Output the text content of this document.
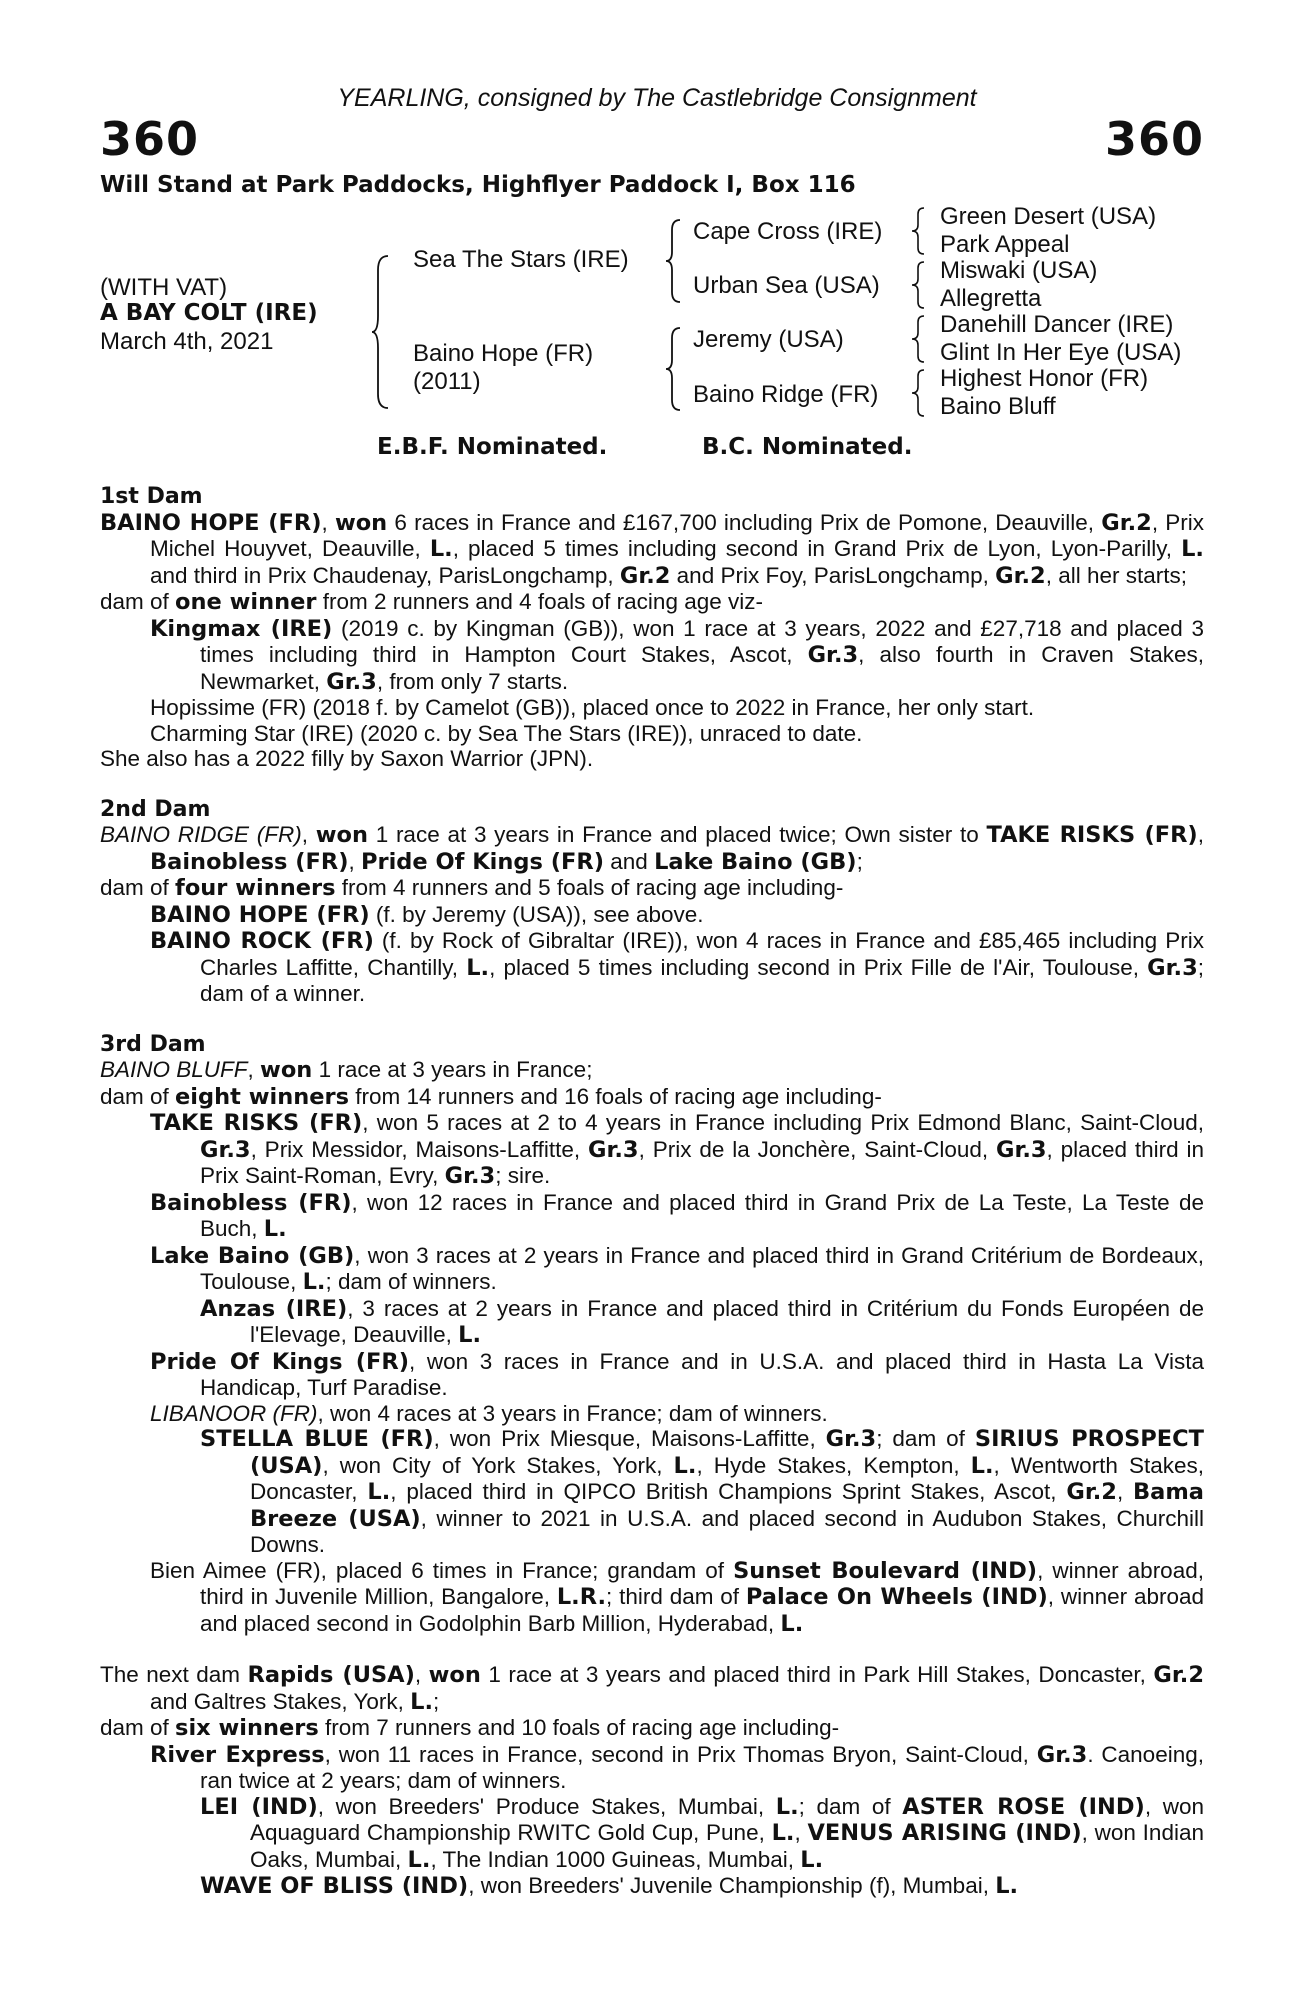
YEARLING, consigned by The Castlebridge Consignment
360	360
Will Stand at Park Paddocks, Highflyer Paddock I, Box 116
(WITH VAT)
A BAY COLT (IRE)
March 4th, 2021
Sea The Stars (IRE)
Baino Hope (FR)
(2011)
Cape Cross (IRE)
Urban Sea (USA)
Jeremy (USA)
Baino Ridge (FR)
Green Desert (USA)
Park Appeal
Miswaki (USA)
Allegretta
Danehill Dancer (IRE)
Glint In Her Eye (USA)
Highest Honor (FR)
Baino Bluff
E.B.F. Nominated.	B.C. Nominated.

1st Dam

BAINO HOPE (FR), won 6 races in France and £167,700 including Prix de Pomone, Deauville, Gr.2, Prix Michel Houyvet, Deauville, L., placed 5 times including second in Grand Prix de Lyon, Lyon-Parilly, L. and third in Prix Chaudenay, ParisLongchamp, Gr.2 and Prix Foy, ParisLongchamp, Gr.2, all her starts;

dam of one winner from 2 runners and 4 foals of racing age viz-

Kingmax (IRE) (2019 c. by Kingman (GB)), won 1 race at 3 years, 2022 and £27,718 and placed 3 times including third in Hampton Court Stakes, Ascot, Gr.3, also fourth in Craven Stakes, Newmarket, Gr.3, from only 7 starts.

Hopissime (FR) (2018 f. by Camelot (GB)), placed once to 2022 in France, her only start.

Charming Star (IRE) (2020 c. by Sea The Stars (IRE)), unraced to date.

She also has a 2022 filly by Saxon Warrior (JPN).

2nd Dam

BAINO RIDGE (FR), won 1 race at 3 years in France and placed twice; Own sister to TAKE RISKS (FR), Bainobless (FR), Pride Of Kings (FR) and Lake Baino (GB);

dam of four winners from 4 runners and 5 foals of racing age including-

BAINO HOPE (FR) (f. by Jeremy (USA)), see above.

BAINO ROCK (FR) (f. by Rock of Gibraltar (IRE)), won 4 races in France and £85,465 including Prix Charles Laffitte, Chantilly, L., placed 5 times including second in Prix Fille de l'Air, Toulouse, Gr.3; dam of a winner.

3rd Dam

BAINO BLUFF, won 1 race at 3 years in France;

dam of eight winners from 14 runners and 16 foals of racing age including-

TAKE RISKS (FR), won 5 races at 2 to 4 years in France including Prix Edmond Blanc, Saint-Cloud, Gr.3, Prix Messidor, Maisons-Laffitte, Gr.3, Prix de la Jonchère, Saint-Cloud, Gr.3, placed third in Prix Saint-Roman, Evry, Gr.3; sire.

Bainobless (FR), won 12 races in France and placed third in Grand Prix de La Teste, La Teste de Buch, L.

Lake Baino (GB), won 3 races at 2 years in France and placed third in Grand Critérium de Bordeaux, Toulouse, L.; dam of winners.

Anzas (IRE), 3 races at 2 years in France and placed third in Critérium du Fonds Européen de l'Elevage, Deauville, L.

Pride Of Kings (FR), won 3 races in France and in U.S.A. and placed third in Hasta La Vista Handicap, Turf Paradise.

LIBANOOR (FR), won 4 races at 3 years in France; dam of winners.

STELLA BLUE (FR), won Prix Miesque, Maisons-Laffitte, Gr.3; dam of SIRIUS PROSPECT (USA), won City of York Stakes, York, L., Hyde Stakes, Kempton, L., Wentworth Stakes, Doncaster, L., placed third in QIPCO British Champions Sprint Stakes, Ascot, Gr.2, Bama Breeze (USA), winner to 2021 in U.S.A. and placed second in Audubon Stakes, Churchill Downs.

Bien Aimee (FR), placed 6 times in France; grandam of Sunset Boulevard (IND), winner abroad, third in Juvenile Million, Bangalore, L.R.; third dam of Palace On Wheels (IND), winner abroad and placed second in Godolphin Barb Million, Hyderabad, L.

The next dam Rapids (USA), won 1 race at 3 years and placed third in Park Hill Stakes, Doncaster, Gr.2 and Galtres Stakes, York, L.;

dam of six winners from 7 runners and 10 foals of racing age including-

River Express, won 11 races in France, second in Prix Thomas Bryon, Saint-Cloud, Gr.3. Canoeing, ran twice at 2 years; dam of winners.

LEI (IND), won Breeders' Produce Stakes, Mumbai, L.; dam of ASTER ROSE (IND), won Aquaguard Championship RWITC Gold Cup, Pune, L., VENUS ARISING (IND), won Indian Oaks, Mumbai, L., The Indian 1000 Guineas, Mumbai, L.

WAVE OF BLISS (IND), won Breeders' Juvenile Championship (f), Mumbai, L.
